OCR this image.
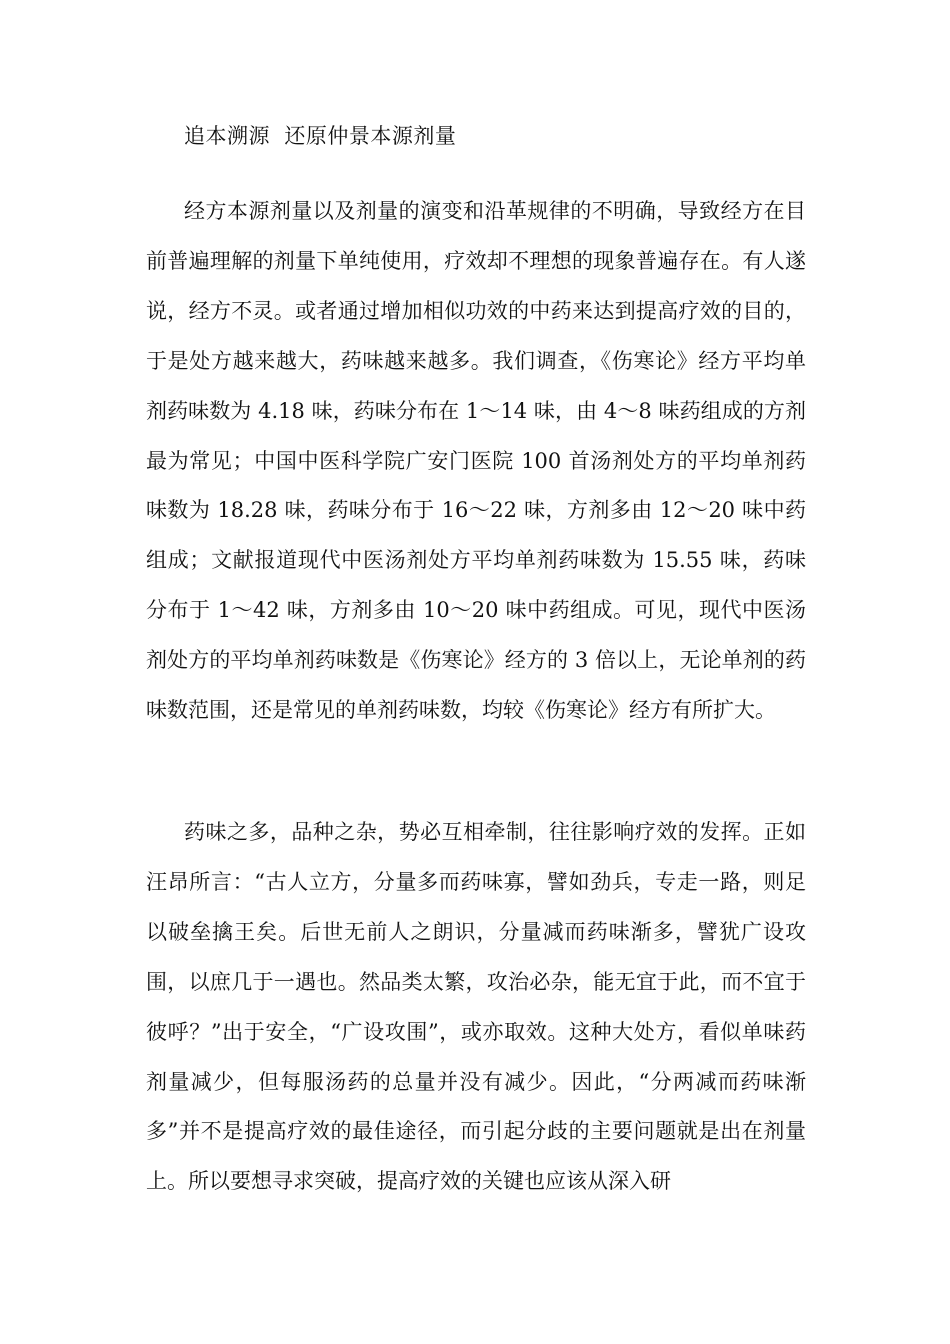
追本溯源  还原仲景本源剂量

经方本源剂量以及剂量的演变和沿革规律的不明确，导致经方在目前普遍理解的剂量下单纯使用，疗效却不理想的现象普遍存在。有人遂说，经方不灵。或者通过增加相似功效的中药来达到提高疗效的目的，于是处方越来越大，药味越来越多。我们调查，《伤寒论》经方平均单剂药味数为 4.18 味，药味分布在 1～14 味，由 4～8 味药组成的方剂最为常见；中国中医科学院广安门医院 100 首汤剂处方的平均单剂药味数为 18.28 味，药味分布于 16～22 味，方剂多由 12～20 味中药组成；文献报道现代中医汤剂处方平均单剂药味数为 15.55 味，药味分布于 1～42 味，方剂多由 10～20 味中药组成。可见，现代中医汤剂处方的平均单剂药味数是《伤寒论》经方的 3 倍以上，无论单剂的药味数范围，还是常见的单剂药味数，均较《伤寒论》经方有所扩大。

药味之多，品种之杂，势必互相牵制，往往影响疗效的发挥。正如汪昂所言：“古人立方，分量多而药味寡，譬如劲兵，专走一路，则足以破垒擒王矣。后世无前人之朗识，分量减而药味渐多，譬犹广设攻围，以庶几于一遇也。然品类太繁，攻治必杂，能无宜于此，而不宜于彼呼？”出于安全，“广设攻围”，或亦取效。这种大处方，看似单味药剂量减少，但每服汤药的总量并没有减少。因此，“分两减而药味渐多”并不是提高疗效的最佳途径，而引起分歧的主要问题就是出在剂量上。所以要想寻求突破，提高疗效的关键也应该从深入研
